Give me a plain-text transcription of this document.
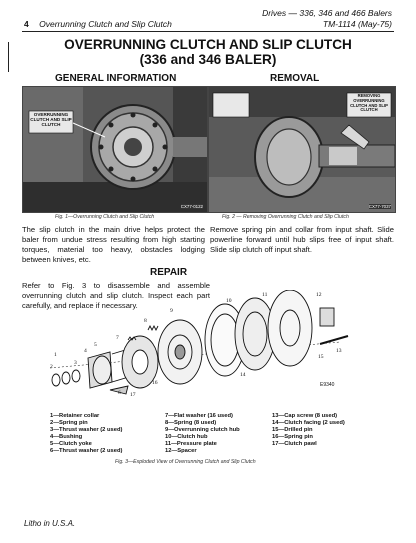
Drives — 336, 346 and 466 Balers
TM-1114 (May-75)
4 Overrunning Clutch and Slip Clutch
OVERRUNNING CLUTCH AND SLIP CLUTCH
(336 and 346 BALER)
GENERAL INFORMATION	REMOVAL
OVERRUNNING CLUTCH AND SLIP CLUTCH
CX77-0122
Fig. 1—Overrunning Clutch and Slip Clutch
REMOVING OVERRUNNING CLUTCH AND SLIP CLUTCH
CX77-7037
Fig. 2 — Removing Overrunning Clutch and Slip Clutch
The slip clutch in the main drive helps protect the baler from undue stress resulting from high starting torques, material too heavy, obstacles lodging between knives, etc.
Remove spring pin and collar from input shaft. Slide powerline forward until hub slips free of input shaft. Slide slip clutch off input shaft.
REPAIR
Refer to Fig. 3 to disassemble and assemble overrunning clutch and slip clutch. Inspect each part carefully, and replace if necessary.
1
2
3
4
5
6
7
8
9
10
11	12
13
14
15
16
17
E9340
1—Retainer collar
2—Spring pin
3—Thrust washer (2 used)
4—Bushing
5—Clutch yoke
6—Thrust washer (2 used)
7—Flat washer (16 used)
8—Spring (8 used)
9—Overrunning clutch hub
10—Clutch hub
11—Pressure plate
12—Spacer
13—Cap screw (8 used)
14—Clutch facing (2 used)
15—Drilled pin
16—Spring pin
17—Clutch pawl
Fig. 3—Exploded View of Overrunning Clutch and Slip Clutch
Litho in U.S.A.
